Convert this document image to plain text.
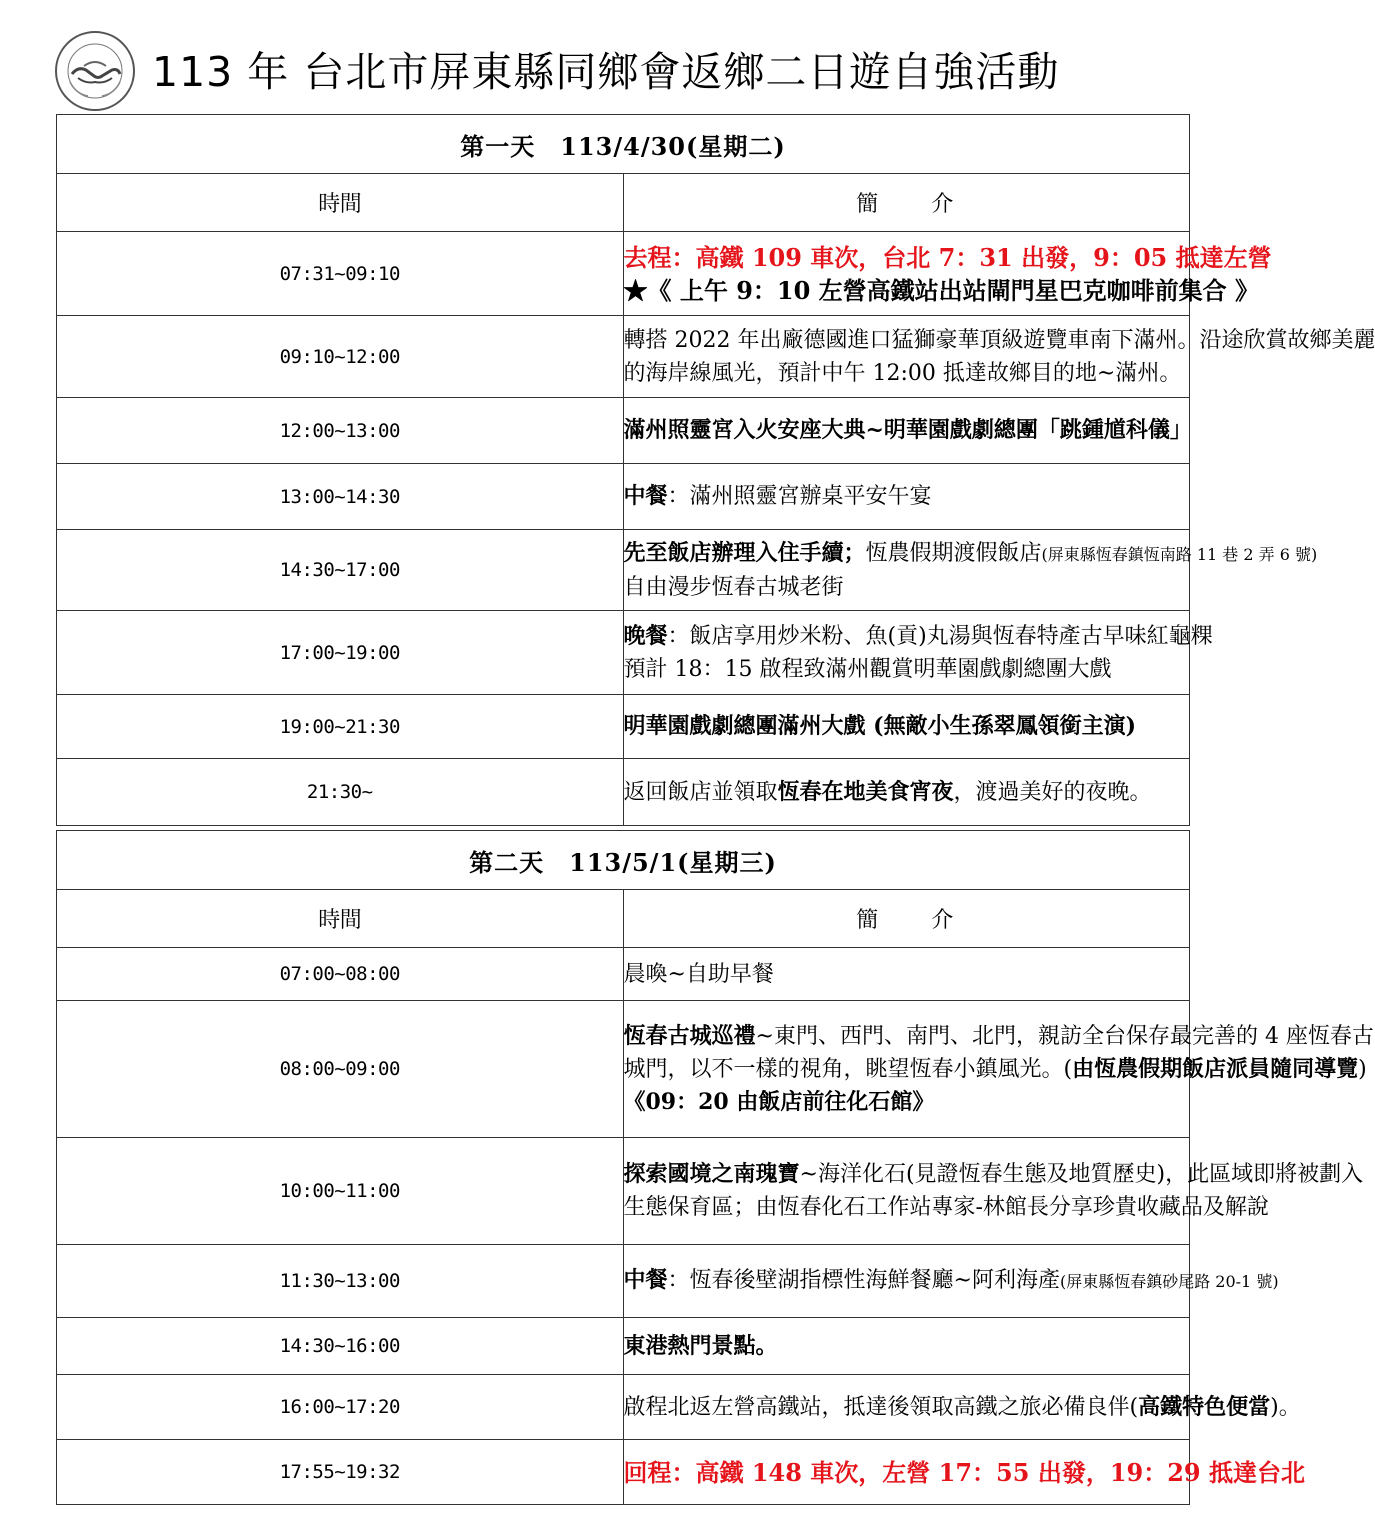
113 年 台北市屏東縣同鄉會返鄉二日遊自強活動
第一天　113/4/30(星期二)	
時間	簡　　介
07:31~09:10	去程：高鐵 109 車次，台北 7：31 出發，9：05 抵達左營
★《 上午 9：10 左營高鐵站出站閘門星巴克咖啡前集合 》

09:10~12:00	轉搭 2022 年出廠德國進口猛獅豪華頂級遊覽車南下滿州。沿途欣賞故鄉美麗
的海岸線風光，預計中午 12:00 抵達故鄉目的地~滿州。

12:00~13:00	滿州照靈宮入火安座大典~明華園戲劇總團「跳鍾馗科儀」

13:00~14:30	中餐：滿州照靈宮辦桌平安午宴

14:30~17:00	先至飯店辦理入住手續；恆農假期渡假飯店(屏東縣恆春鎮恆南路 11 巷 2 弄 6 號)
自由漫步恆春古城老街

17:00~19:00	晚餐：飯店享用炒米粉、魚(貢)丸湯與恆春特產古早味紅龜粿
預計 18：15 啟程致滿州觀賞明華園戲劇總團大戲

19:00~21:30	明華園戲劇總團滿州大戲 (無敵小生孫翠鳳領銜主演)

21:30~	返回飯店並領取恆春在地美食宵夜，渡過美好的夜晚。
第二天　113/5/1(星期三)	
時間	簡　　介
07:00~08:00	晨喚~自助早餐

08:00~09:00	恆春古城巡禮~東門、西門、南門、北門，親訪全台保存最完善的 4 座恆春古
城門，以不一樣的視角，眺望恆春小鎮風光。(由恆農假期飯店派員隨同導覽)
《09：20 由飯店前往化石館》

10:00~11:00	探索國境之南瑰寶~海洋化石(見證恆春生態及地質歷史)，此區域即將被劃入
生態保育區；由恆春化石工作站專家-林館長分享珍貴收藏品及解說

11:30~13:00	中餐：恆春後壁湖指標性海鮮餐廳~阿利海產(屏東縣恆春鎮砂尾路 20-1 號)

14:30~16:00	東港熱門景點。

16:00~17:20	啟程北返左營高鐵站，抵達後領取高鐵之旅必備良伴(高鐵特色便當)。

17:55~19:32	回程：高鐵 148 車次，左營 17：55 出發，19：29 抵達台北
